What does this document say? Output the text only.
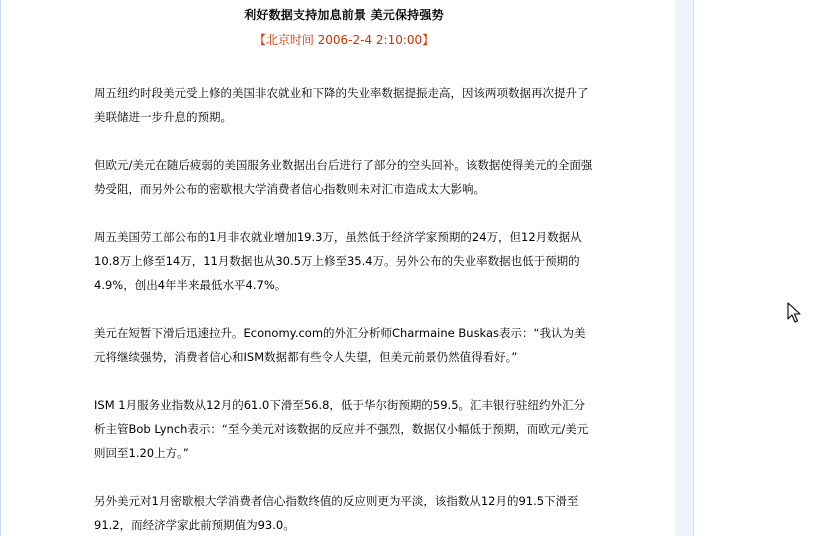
利好数据支持加息前景 美元保持强势
【北京时间 2006-2-4 2:10:00】

周五纽约时段美元受上修的美国非农就业和下降的失业率数据提振走高，因该两项数据再次提升了美联储进一步升息的预期。

但欧元/美元在随后疲弱的美国服务业数据出台后进行了部分的空头回补。该数据使得美元的全面强势受阻，而另外公布的密歇根大学消费者信心指数则未对汇市造成太大影响。

周五美国劳工部公布的1月非农就业增加19.3万，虽然低于经济学家预期的24万，但12月数据从10.8万上修至14万，11月数据也从30.5万上修至35.4万。另外公布的失业率数据也低于预期的4.9%，创出4年半来最低水平4.7%。

美元在短暂下滑后迅速拉升。Economy.com的外汇分析师Charmaine Buskas表示：“我认为美元将继续强势，消费者信心和ISM数据都有些令人失望，但美元前景仍然值得看好。”

ISM 1月服务业指数从12月的61.0下滑至56.8，低于华尔街预期的59.5。汇丰银行驻纽约外汇分析主管Bob Lynch表示：“至今美元对该数据的反应并不强烈，数据仅小幅低于预期，而欧元/美元则回至1.20上方。”

另外美元对1月密歇根大学消费者信心指数终值的反应则更为平淡，该指数从12月的91.5下滑至91.2，而经济学家此前预期值为93.0。
